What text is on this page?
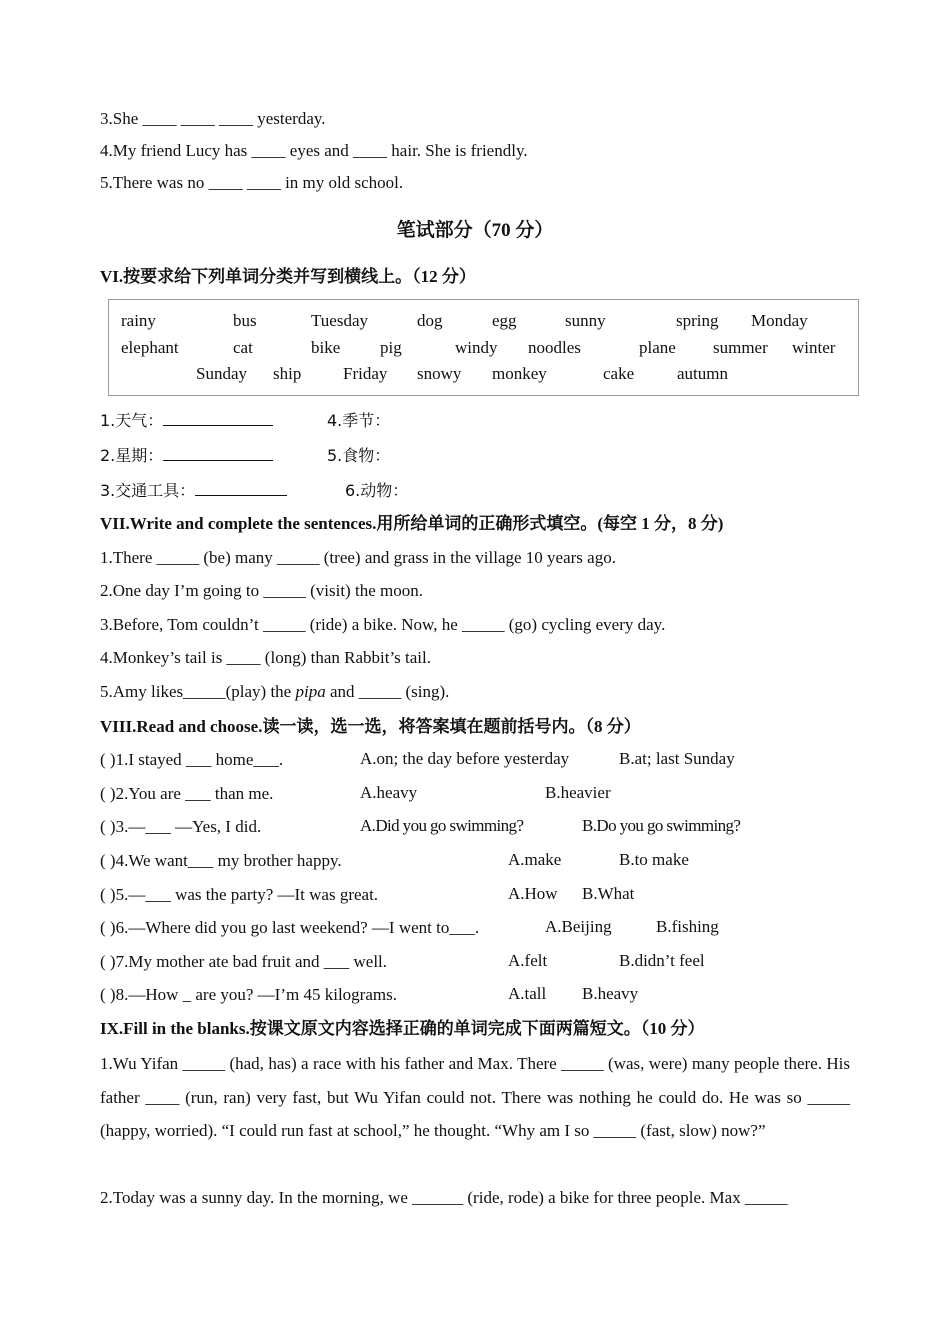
3.She ____ ____ ____ yesterday.
4.My friend Lucy has ____ eyes and ____ hair. She is friendly.
5.There was no ____ ____ in my old school.
笔试部分（70 分）
VI.按要求给下列单词分类并写到横线上。（12 分）
rainy	bus	Tuesday	dog	egg	sunny	spring Monday
elephant	cat	bike pig	windy noodles	plane summer winter
Sunday ship Friday snowy monkey	cake	autumn
1.天气：	4.季节：
2.星期：	5.食物：
3.交通工具：	6.动物：
VII.Write and complete the sentences.用所给单词的正确形式填空。(每空 1 分，8 分)
1.There _____ (be) many _____ (tree) and grass in the village 10 years ago.
2.One day I’m going to _____ (visit) the moon.
3.Before, Tom couldn’t _____ (ride) a bike. Now, he _____ (go) cycling every day.
4.Monkey’s tail is ____ (long) than Rabbit’s tail.
5.Amy likes_____(play) the pipa and _____ (sing).
VIII.Read and choose.读一读，选一选，将答案填在题前括号内。（8 分）
( )1.I stayed ___ home___.	A.on; the day before yesterday	B.at; last Sunday
( )2.You are ___ than me.	A.heavy	B.heavier
( )3.—___ —Yes, I did.	A.Did you go swimming?	B.Do you go swimming?
( )4.We want___ my brother happy.	A.make	B.to make
( )5.—___ was the party? —It was great.	A.How B.What
( )6.—Where did you go last weekend? —I went to___.	A.Beijing	B.fishing
( )7.My mother ate bad fruit and ___ well.	A.felt	B.didn’t feel
( )8.—How _ are you? —I’m 45 kilograms.	A.tall B.heavy
IX.Fill in the blanks.按课文原文内容选择正确的单词完成下面两篇短文。（10 分）
1.Wu Yifan _____ (had, has) a race with his father and Max. There _____ (was, were) many people there. His father ____ (run, ran) very fast, but Wu Yifan could not. There was nothing he could do. He was so _____ (happy, worried). “I could run fast at school,” he thought. “Why am I so _____ (fast, slow) now?”
2.Today was a sunny day. In the morning, we ______ (ride, rode) a bike for three people. Max _____
